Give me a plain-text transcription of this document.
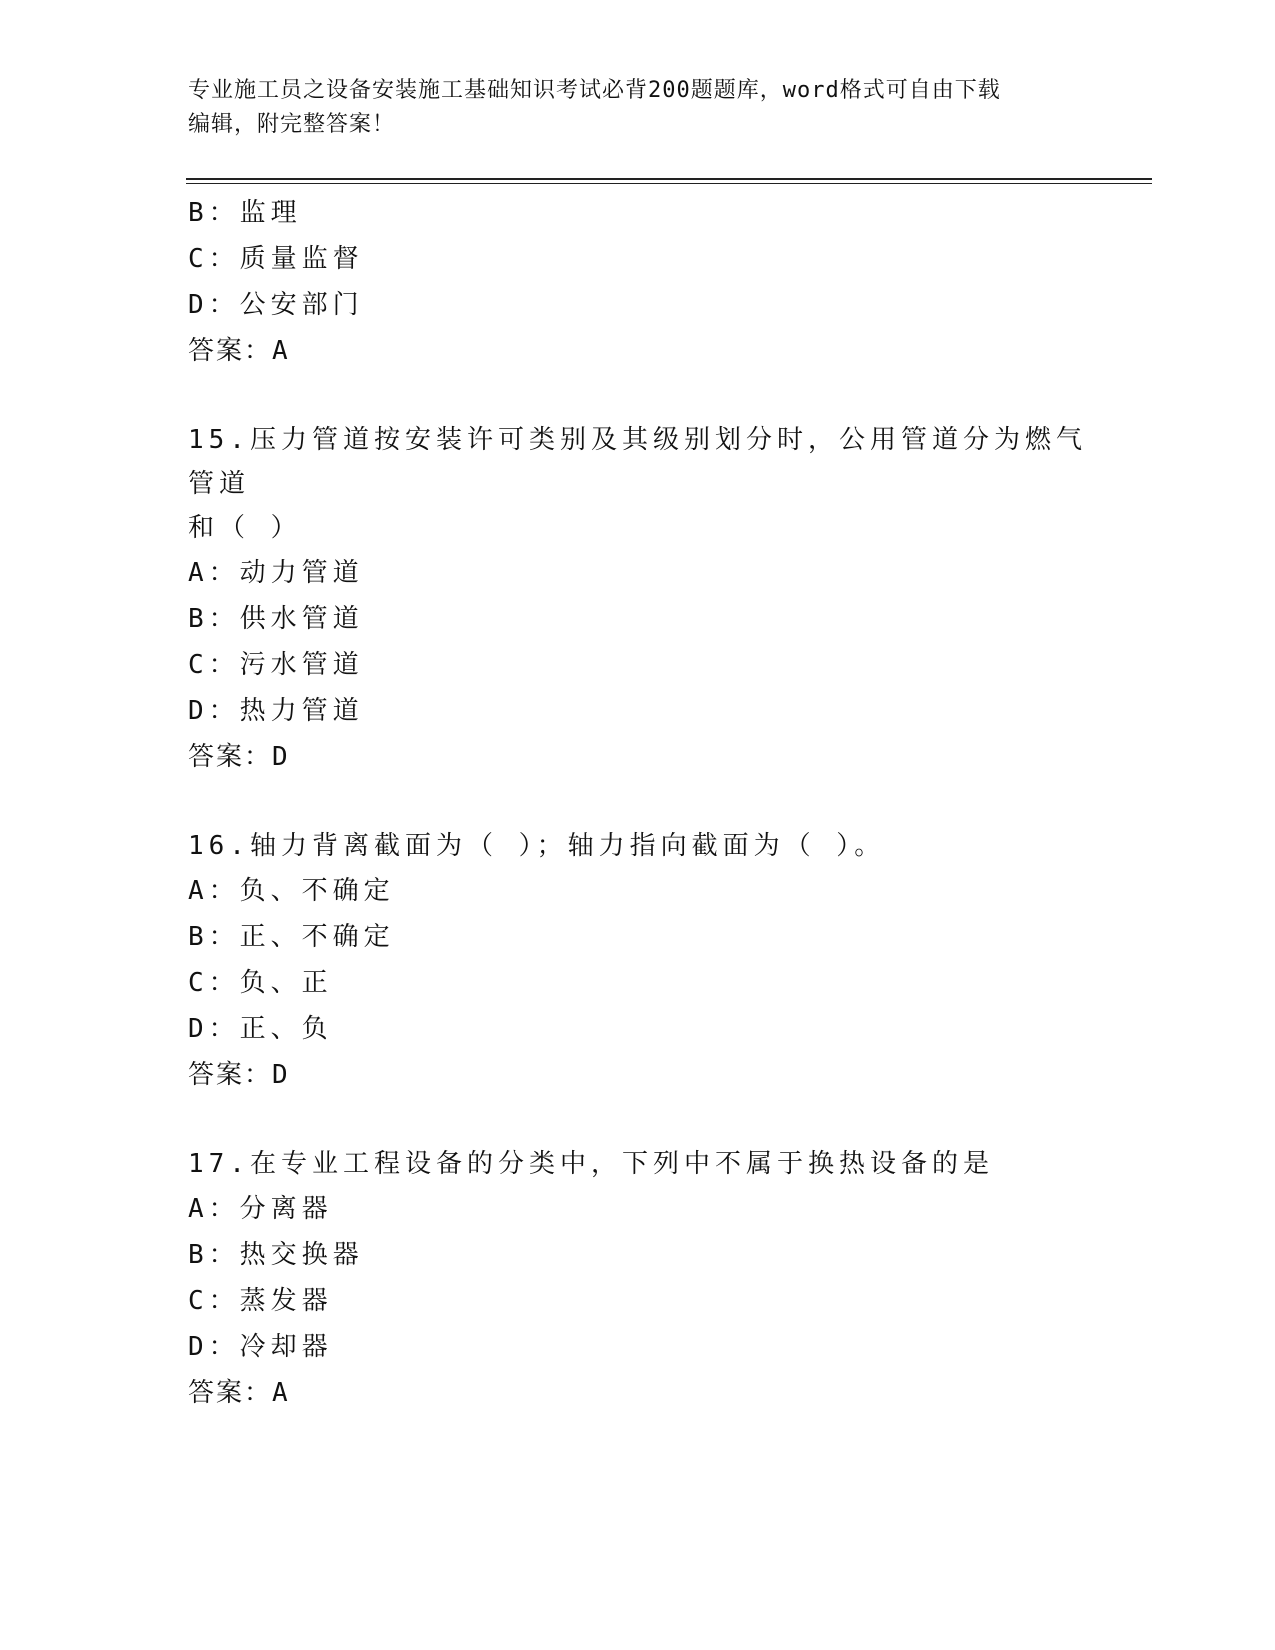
专业施工员之设备安装施工基础知识考试必背200题题库，word格式可自由下载
编辑，附完整答案！
B：监理
C：质量监督
D：公安部门
答案：A
15.压力管道按安装许可类别及其级别划分时，公用管道分为燃气管道
和（ ）
A：动力管道
B：供水管道
C：污水管道
D：热力管道
答案：D
16.轴力背离截面为（ ）；轴力指向截面为（ ）。
A：负、不确定
B：正、不确定
C：负、正
D：正、负
答案：D
17.在专业工程设备的分类中，下列中不属于换热设备的是
A：分离器
B：热交换器
C：蒸发器
D：冷却器
答案：A
